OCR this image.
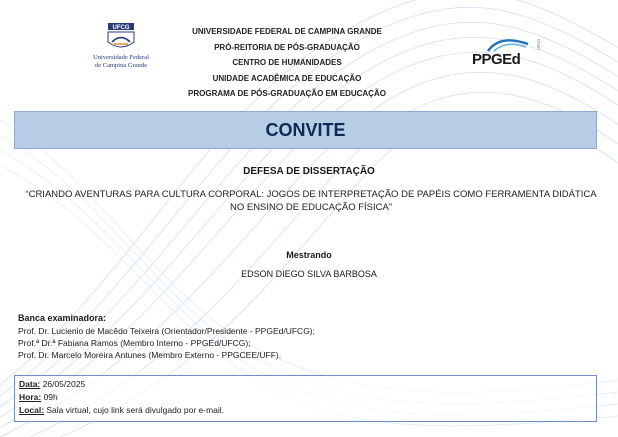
UFCG
Universidade Federal
de Campina Grande
UNIVERSIDADE FEDERAL DE CAMPINA GRANDE
PRÓ-REITORIA DE PÓS-GRADUAÇÃO
CENTRO DE HUMANIDADES
UNIDADE ACADÊMICA DE EDUCAÇÃO
PROGRAMA DE PÓS-GRADUAÇÃO EM EDUCAÇÃO
PPGEd
UFCG
CONVITE
DEFESA DE DISSERTAÇÃO
“CRIANDO AVENTURAS PARA CULTURA CORPORAL: JOGOS DE INTERPRETAÇÃO DE PAPÉIS COMO FERRAMENTA DIDÁTICA NO ENSINO DE EDUCAÇÃO FÍSICA”
Mestrando
EDSON DIEGO SILVA BARBOSA
Banca examinadora:
Prof. Dr. Lucienio de Macêdo Teixeira (Orientador/Presidente - PPGEd/UFCG);
Prof.ª Dr.ª Fabiana Ramos (Membro Interno - PPGEd/UFCG);
Prof. Dr. Marcelo Moreira Antunes (Membro Externo - PPGCEE/UFF).
Data: 26/05/2025
Hora: 09h
Local: Sala virtual, cujo link será divulgado por e-mail.
